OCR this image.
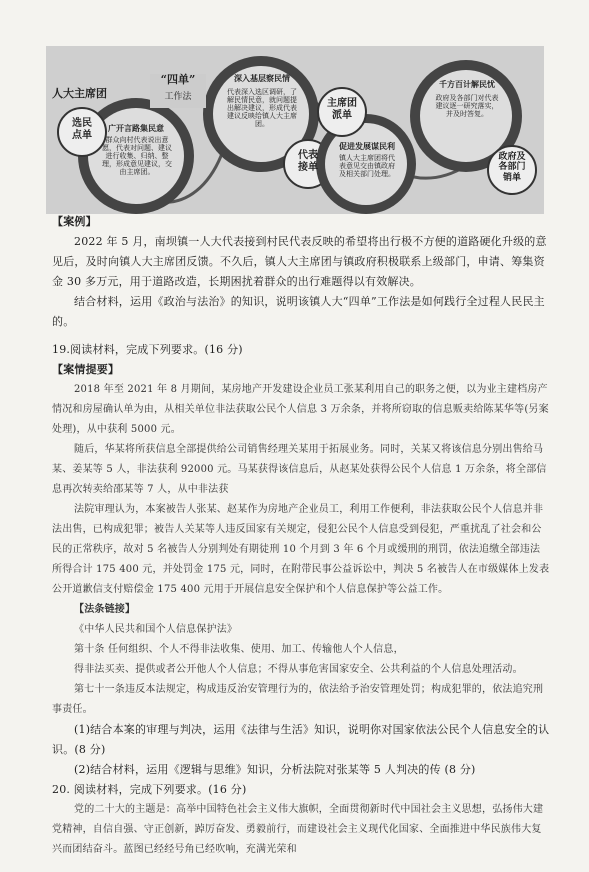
人大主席团
“四单”
工作法
选民
点单
代表
接单
主席团
派单
政府及
各部门
销单
广开言路集民意
群众向村代表说出意愿，代表对问题、建议进行收集、归纳、整理，形成意见建议，交由主席团。
深入基层察民情
代表深入选区调研，了解民情民意，就问题提出解决建议，形成代表建议反映给镇人大主席团。
促进发展谋民利
镇人大主席团将代表意见交由镇政府及相关部门处理。
千方百计解民忧
政府及各部门对代表建议逐一研究落实，并及时答复。

【案例】

2022 年 5 月，南坝镇一人大代表接到村民代表反映的希望将出行极不方便的道路硬化升级的意见后，及时向镇人大主席团反馈。不久后，镇人大主席团与镇政府积极联系上级部门，申请、筹集资金 30 多万元，用于道路改造，长期困扰着群众的出行难题得以有效解决。

结合材料，运用《政治与法治》的知识，说明该镇人大“四单”工作法是如何践行全过程人民民主的。

19.阅读材料，完成下列要求。(16 分)

【案情提要】

2018 年至 2021 年 8 月期间，某房地产开发建设企业员工张某利用自己的职务之便，以为业主建档房产情况和房屋确认单为由，从相关单位非法获取公民个人信息 3 万余条，并将所窃取的信息贩卖给陈某华等(另案处理)，从中获利 5000 元。

随后，华某将所获信息全部提供给公司销售经理关某用于拓展业务。同时，关某又将该信息分别出售给马某、姜某等 5 人，非法获利 92000 元。马某获得该信息后，从赵某处获得公民个人信息 1 万余条，将全部信息再次转卖给邵某等 7 人，从中非法获

法院审理认为，本案被告人张某、赵某作为房地产企业员工，利用工作便利，非法获取公民个人信息并非法出售，已构成犯罪；被告人关某等人违反国家有关规定，侵犯公民个人信息受到侵犯，严重扰乱了社会和公民的正常秩序，故对 5 名被告人分别判处有期徒刑 10 个月到 3 年 6 个月或缓刑的刑罚，依法追缴全部违法所得合计 175 400 元，并处罚金 175 元，同时，在附带民事公益诉讼中，判决 5 名被告人在市级媒体上发表公开道歉信支付赔偿金 175 400 元用于开展信息安全保护和个人信息保护等公益工作。

【法条链接】

《中华人民共和国个人信息保护法》

第十条 任何组织、个人不得非法收集、使用、加工、传输他人个人信息，

得非法买卖、提供或者公开他人个人信息；不得从事危害国家安全、公共利益的个人信息处理活动。

第七十一条违反本法规定，构成违反治安管理行为的，依法给予治安管理处罚；构成犯罪的，依法追究刑事责任。

(1)结合本案的审理与判决，运用《法律与生活》知识，说明你对国家依法公民个人信息安全的认识。(8 分)

(2)结合材料，运用《逻辑与思维》知识，分析法院对张某等 5 人判决的传 (8 分)

20. 阅读材料，完成下列要求。(16 分)

党的二十大的主题是：高举中国特色社会主义伟大旗帜，全面贯彻新时代中国社会主义思想，弘扬伟大建党精神，自信自强、守正创新，踔厉奋发、勇毅前行，而建设社会主义现代化国家、全面推进中华民族伟大复兴而团结奋斗。蓝图已经经号角已经吹响，充满光荣和
